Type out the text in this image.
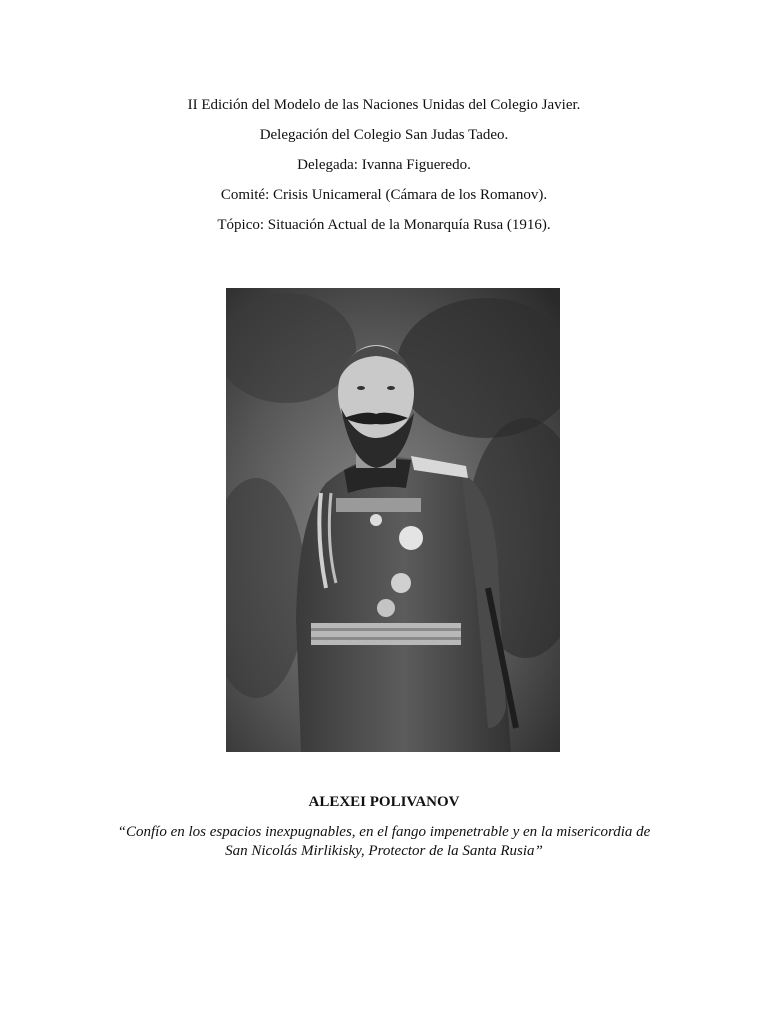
II Edición del Modelo de las Naciones Unidas del Colegio Javier.

Delegación del Colegio San Judas Tadeo.

Delegada: Ivanna Figueredo.

Comité: Crisis Unicameral (Cámara de los Romanov).

Tópico: Situación Actual de la Monarquía Rusa (1916).

ALEXEI POLIVANOV
“Confío en los espacios inexpugnables, en el fango impenetrable y en la misericordia de
San Nicolás Mirlikisky, Protector de la Santa Rusia”
